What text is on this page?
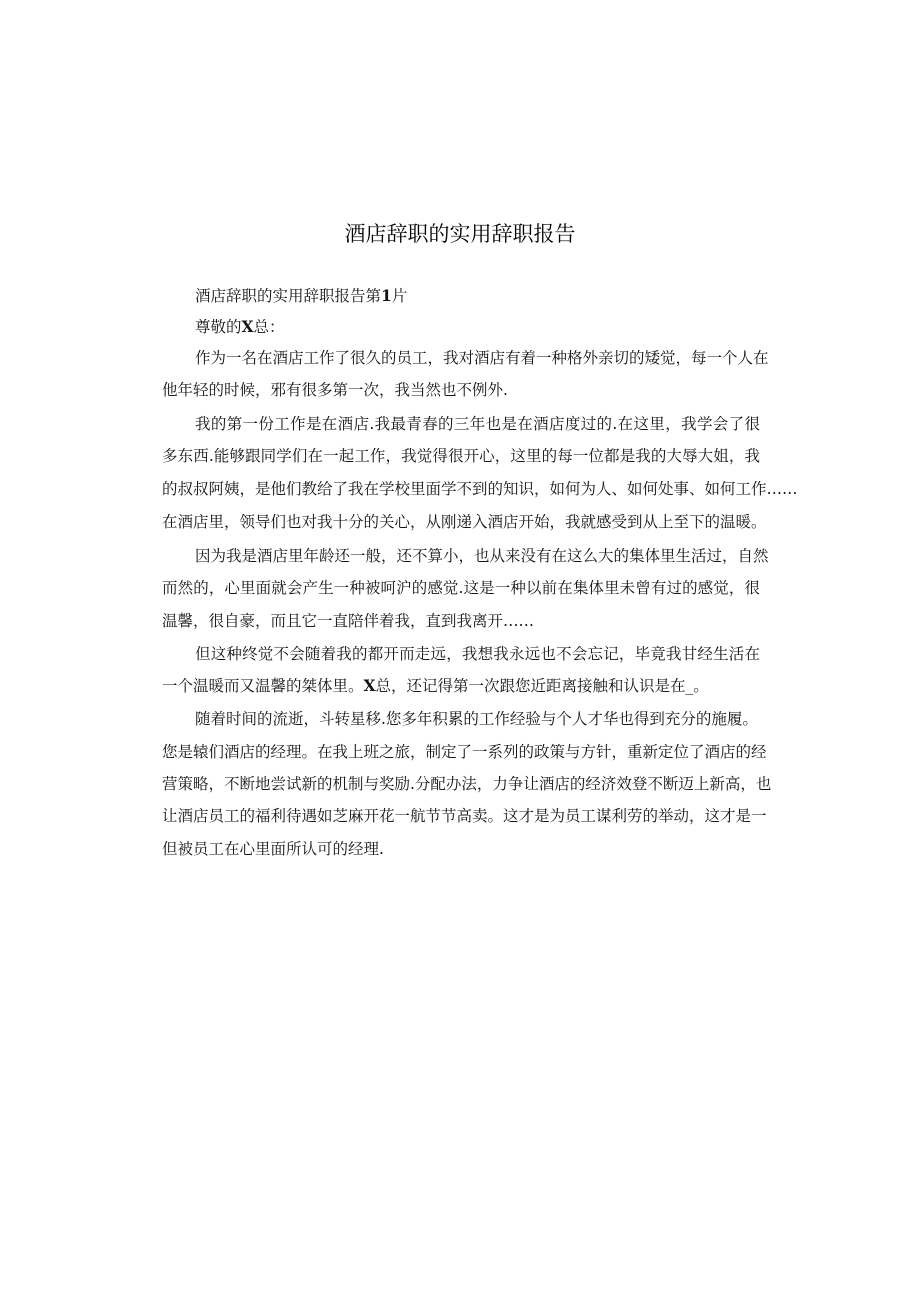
酒店辞职的实用辞职报告

酒店辞职的实用辞职报告第1片

尊敬的X总：

作为一名在酒店工作了很久的员工，我对酒店有着一种格外亲切的矮觉，每一个人在

他年轻的时候，邪有很多第一次，我当然也不例外.

我的第一份工作是在酒店.我最青春的三年也是在酒店度过的.在这里，我学会了很

多东西.能够跟同学们在一起工作，我觉得很开心，这里的每一位都是我的大辱大姐，我

的叔叔阿姨，是他们教给了我在学校里面学不到的知识，如何为人、如何处事、如何工作……

在酒店里，领导们也对我十分的关心，从刚递入酒店开始，我就感受到从上至下的温暖。

因为我是酒店里年龄还一般，还不算小，也从来没有在这么大的集体里生活过，自然

而然的，心里面就会产生一种被呵沪的感觉.这是一种以前在集体里未曾有过的感觉，很

温馨，很自豪，而且它一直陪伴着我，直到我离开……

但这种终觉不会随着我的都开而走远，我想我永远也不会忘记，毕竟我甘经生活在

一个温暖而又温馨的桀体里。X总，还记得第一次跟您近距离接触和认识是在_。

随着时间的流逝，斗转星移.您多年积累的工作经验与个人才华也得到充分的施履。

您是辕们酒店的经理。在我上班之旅，制定了一系列的政策与方针，重新定位了酒店的经

营策略，不断地尝试新的机制与奖励.分配办法，力争让酒店的经济效登不断迈上新高，也

让酒店员工的福利待遇如芝麻开花一航节节高卖。这才是为员工谋利劳的举动，这才是一

但被员工在心里面所认可的经理.
